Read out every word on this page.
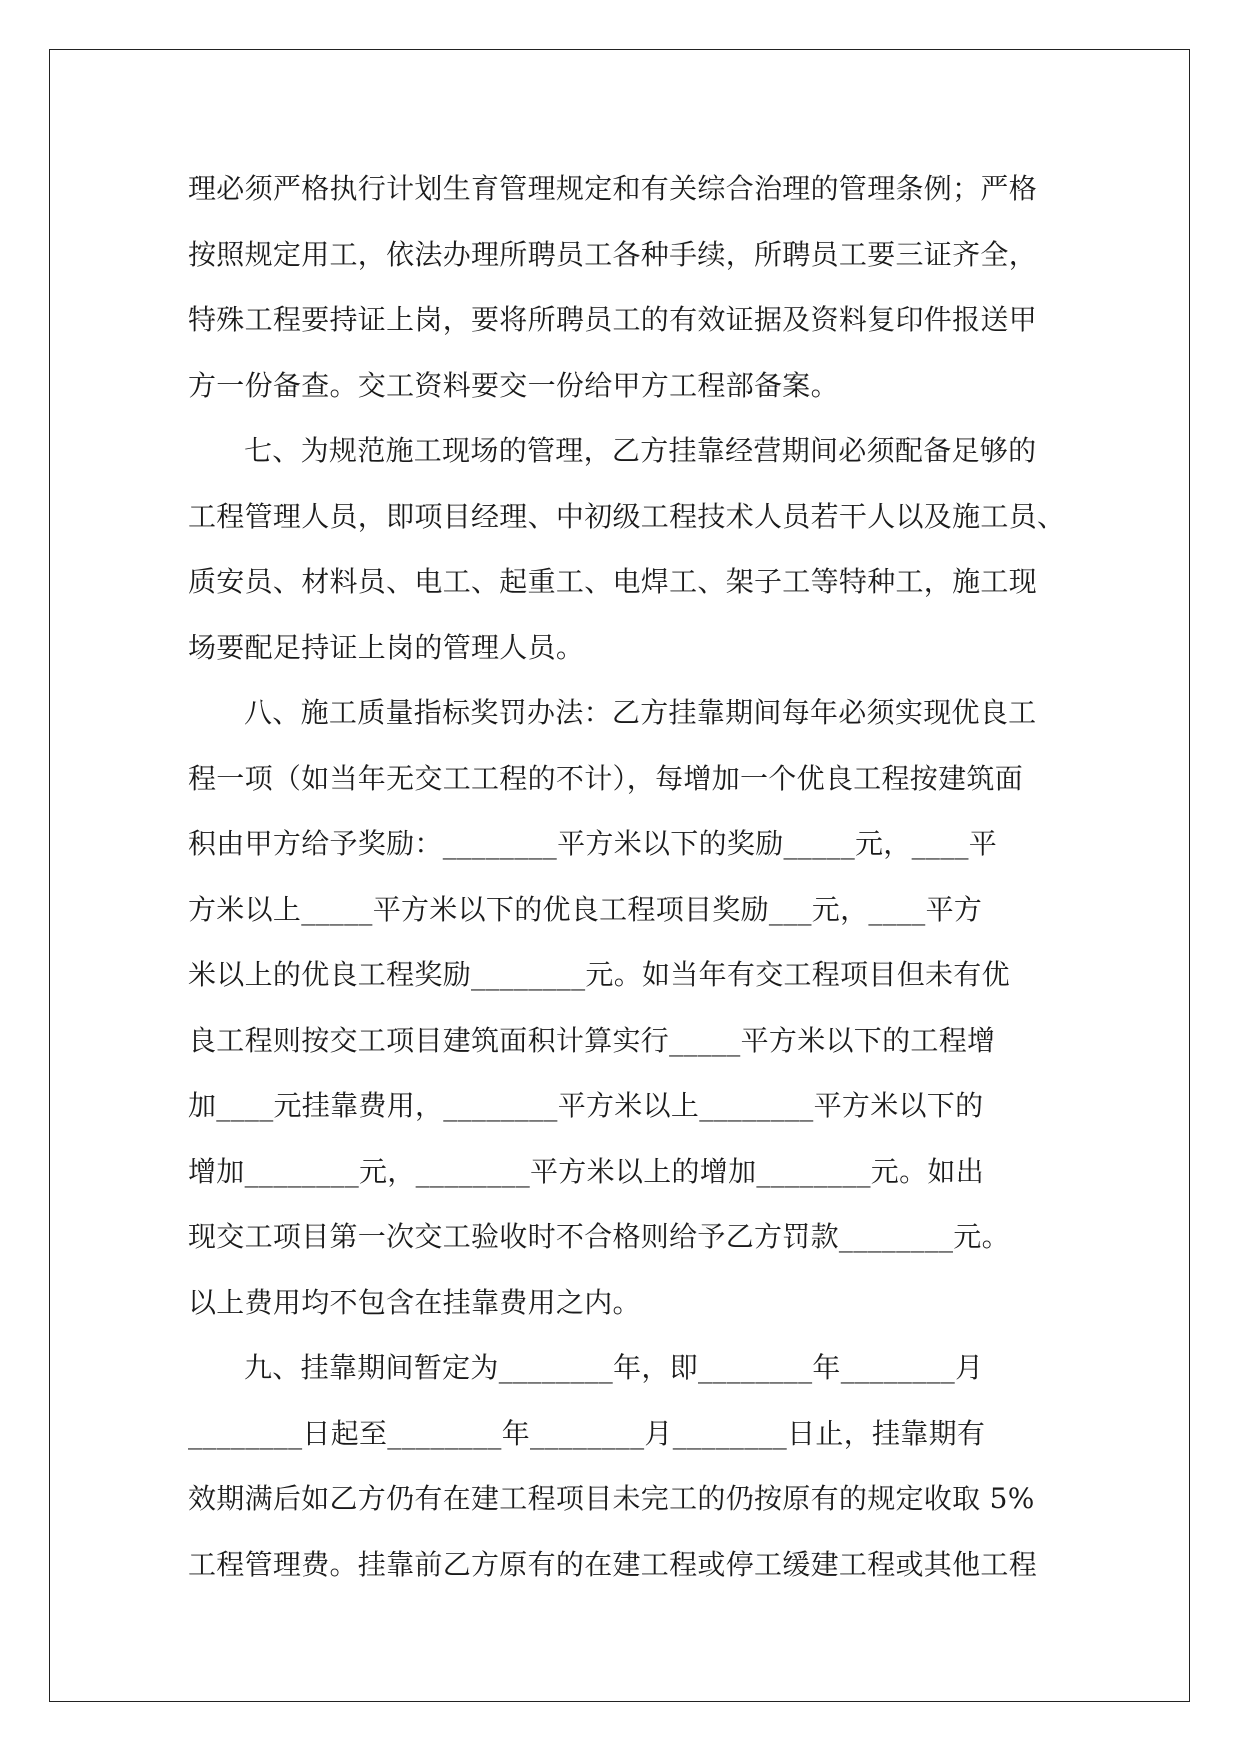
理必须严格执行计划生育管理规定和有关综合治理的管理条例；严格
按照规定用工，依法办理所聘员工各种手续，所聘员工要三证齐全，
特殊工程要持证上岗，要将所聘员工的有效证据及资料复印件报送甲
方一份备查。交工资料要交一份给甲方工程部备案。
七、为规范施工现场的管理，乙方挂靠经营期间必须配备足够的
工程管理人员，即项目经理、中初级工程技术人员若干人以及施工员、
质安员、材料员、电工、起重工、电焊工、架子工等特种工，施工现
场要配足持证上岗的管理人员。
八、施工质量指标奖罚办法：乙方挂靠期间每年必须实现优良工
程一项（如当年无交工工程的不计），每增加一个优良工程按建筑面
积由甲方给予奖励：________平方米以下的奖励_____元，____平
方米以上_____平方米以下的优良工程项目奖励___元，____平方
米以上的优良工程奖励________元。如当年有交工程项目但未有优
良工程则按交工项目建筑面积计算实行_____平方米以下的工程增
加____元挂靠费用，________平方米以上________平方米以下的
增加________元，________平方米以上的增加________元。如出
现交工项目第一次交工验收时不合格则给予乙方罚款________元。
以上费用均不包含在挂靠费用之内。
九、挂靠期间暂定为________年，即________年________月
________日起至________年________月________日止，挂靠期有
效期满后如乙方仍有在建工程项目未完工的仍按原有的规定收取 5%
工程管理费。挂靠前乙方原有的在建工程或停工缓建工程或其他工程
